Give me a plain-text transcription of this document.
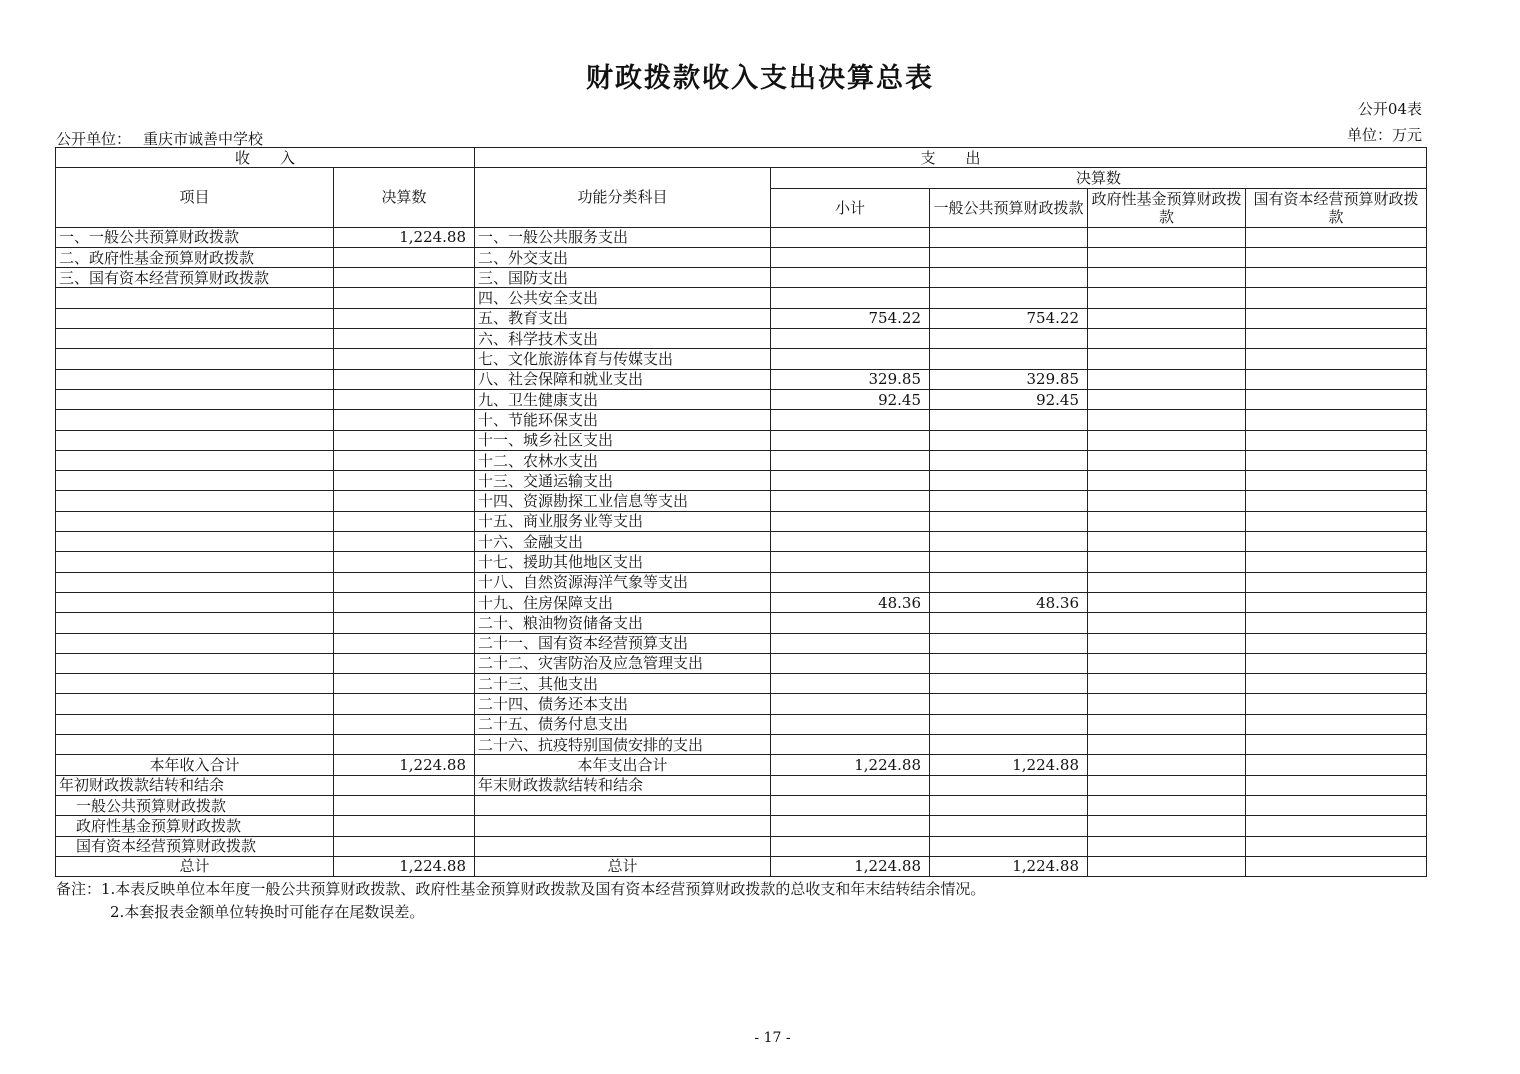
财政拨款收入支出决算总表
公开04表
单位：万元
公开单位： 重庆市诚善中学校
收　　入		支　　出				
项目	决算数	功能分类科目	决算数			
			小计	一般公共预算财政拨款	政府性基金预算财政拨款	国有资本经营预算财政拨款
一、一般公共预算财政拨款	1,224.88	一、一般公共服务支出				
二、政府性基金预算财政拨款		二、外交支出				
三、国有资本经营预算财政拨款		三、国防支出				
		四、公共安全支出				
		五、教育支出	754.22	754.22		
		六、科学技术支出				
		七、文化旅游体育与传媒支出				
		八、社会保障和就业支出	329.85	329.85		
		九、卫生健康支出	92.45	92.45		
		十、节能环保支出				
		十一、城乡社区支出				
		十二、农林水支出				
		十三、交通运输支出				
		十四、资源勘探工业信息等支出				
		十五、商业服务业等支出				
		十六、金融支出				
		十七、援助其他地区支出				
		十八、自然资源海洋气象等支出				
		十九、住房保障支出	48.36	48.36		
		二十、粮油物资储备支出				
		二十一、国有资本经营预算支出				
		二十二、灾害防治及应急管理支出				
		二十三、其他支出				
		二十四、债务还本支出				
		二十五、债务付息支出				
		二十六、抗疫特别国债安排的支出				
本年收入合计	1,224.88	本年支出合计	1,224.88	1,224.88		
年初财政拨款结转和结余		年末财政拨款结转和结余				
一般公共预算财政拨款						
政府性基金预算财政拨款						
国有资本经营预算财政拨款						
总计	1,224.88	总计	1,224.88	1,224.88		
备注：1.本表反映单位本年度一般公共预算财政拨款、政府性基金预算财政拨款及国有资本经营预算财政拨款的总收支和年末结转结余情况。
2.本套报表金额单位转换时可能存在尾数误差。
- 17 -
